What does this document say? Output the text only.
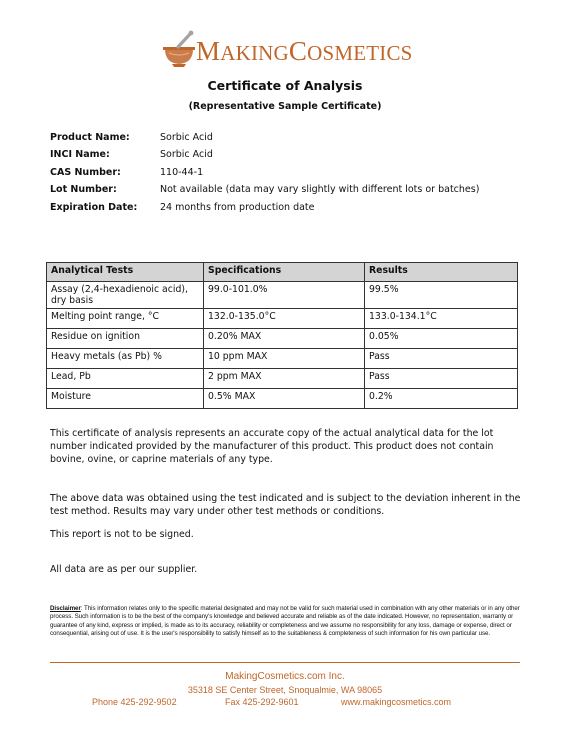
MAKINGCOSMETICS
Certificate of Analysis
(Representative Sample Certificate)
Product Name:	Sorbic Acid
INCI Name:	Sorbic Acid
CAS Number:	110-44-1
Lot Number:	Not available (data may vary slightly with different lots or batches)
Expiration Date: 24 months from production date
Analytical Tests	Specifications	Results
Assay (2,4-hexadienoic acid), dry basis	99.0-101.0%	99.5%
Melting point range, °C	132.0-135.0°C	133.0-134.1°C
Residue on ignition	0.20% MAX	0.05%
Heavy metals (as Pb) %	10 ppm MAX	Pass
Lead, Pb	2 ppm MAX	Pass
Moisture	0.5% MAX	0.2%
This certificate of analysis represents an accurate copy of the actual analytical data for the lot number indicated provided by the manufacturer of this product. This product does not contain bovine, ovine, or caprine materials of any type.
The above data was obtained using the test indicated and is subject to the deviation inherent in the test method. Results may vary under other test methods or conditions.
This report is not to be signed.
All data are as per our supplier.
Disclaimer: This information relates only to the specific material designated and may not be valid for such material used in combination with any other materials or in any other process. Such information is to be the best of the company's knowledge and believed accurate and reliable as of the date indicated. However, no representation, warranty or guarantee of any kind, express or implied, is made as to its accuracy, reliability or completeness and we assume no responsibility for any loss, damage or expense, direct or consequential, arising out of use. It is the user's responsibility to satisfy himself as to the suitableness & completeness of such information for his own particular use.
MakingCosmetics.com Inc.
35318 SE Center Street, Snoqualmie, WA 98065
Phone 425-292-9502	Fax 425-292-9601	www.makingcosmetics.com
